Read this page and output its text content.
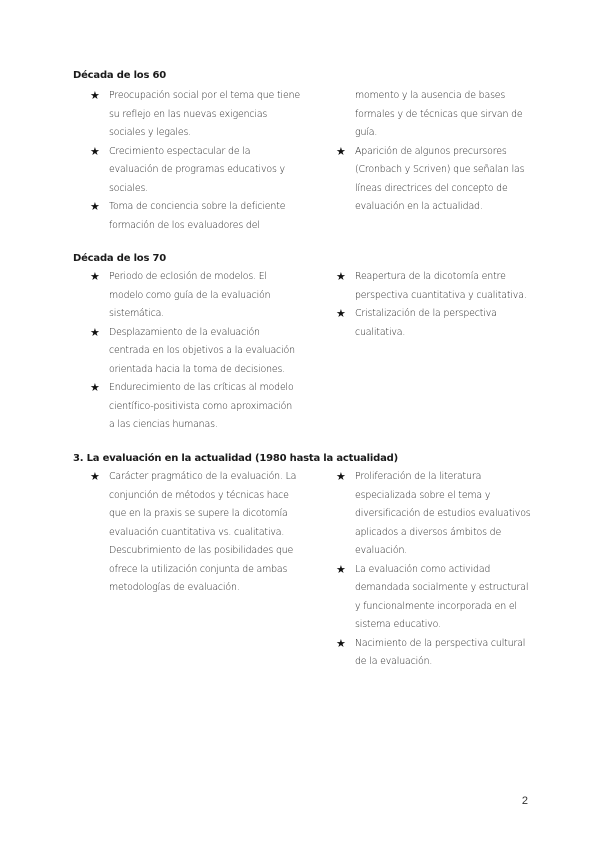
Década de los 60
★ Preocupación social por el tema que tiene su reflejo en las nuevas exigencias sociales y legales.
★ Crecimiento espectacular de la evaluación de programas educativos y sociales.
★ Toma de conciencia sobre la deficiente formación de los evaluadores del
momento y la ausencia de bases formales y de técnicas que sirvan de guía.
★ Aparición de algunos precursores (Cronbach y Scriven) que señalan las líneas directrices del concepto de evaluación en la actualidad.
Década de los 70
★ Periodo de eclosión de modelos. El modelo como guía de la evaluación sistemática.
★ Desplazamiento de la evaluación centrada en los objetivos a la evaluación orientada hacia la toma de decisiones.
★ Endurecimiento de las críticas al modelo científico-positivista como aproximación a las ciencias humanas.
★ Reapertura de la dicotomía entre perspectiva cuantitativa y cualitativa.
★ Cristalización de la perspectiva cualitativa.
3. La evaluación en la actualidad (1980 hasta la actualidad)
★ Carácter pragmático de la evaluación. La conjunción de métodos y técnicas hace que en la praxis se supere la dicotomía evaluación cuantitativa vs. cualitativa. Descubrimiento de las posibilidades que ofrece la utilización conjunta de ambas metodologías de evaluación.
★ Proliferación de la literatura especializada sobre el tema y diversificación de estudios evaluativos aplicados a diversos ámbitos de evaluación.
★ La evaluación como actividad demandada socialmente y estructural y funcionalmente incorporada en el sistema educativo.
★ Nacimiento de la perspectiva cultural de la evaluación.
2
